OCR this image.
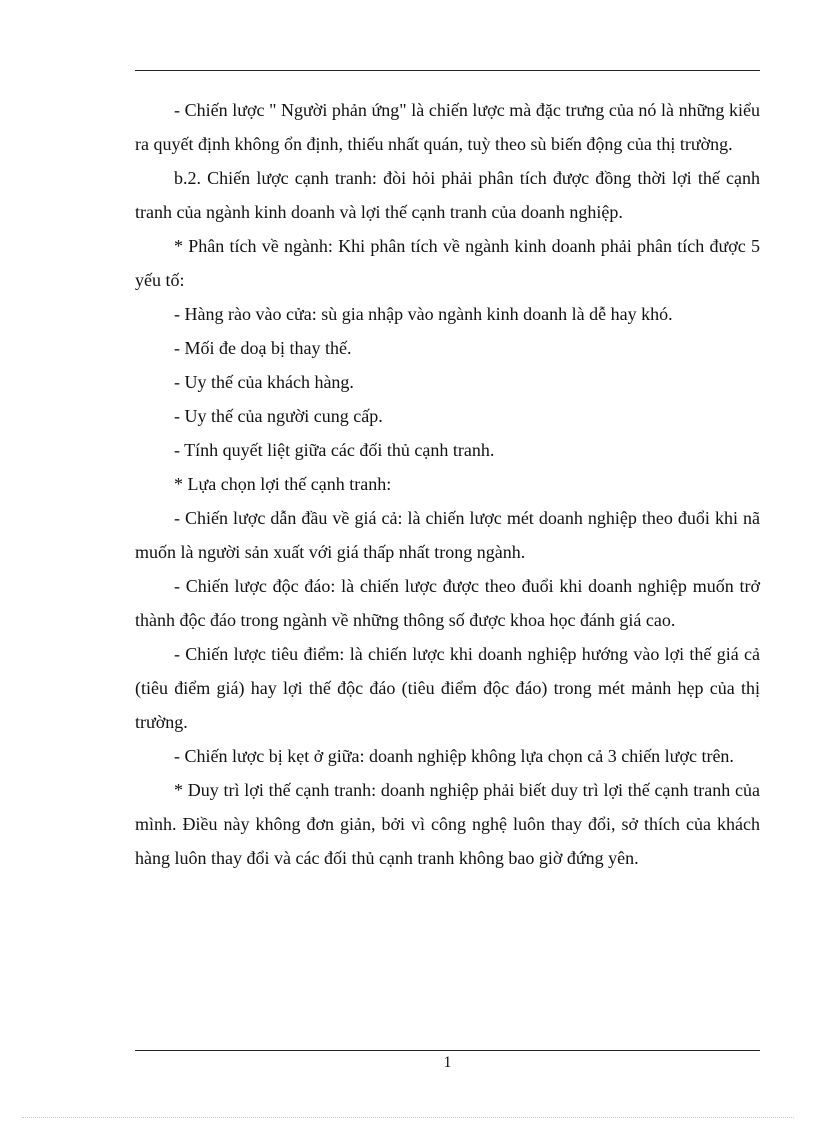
- Chiến lược " Người phản ứng" là chiến lược mà đặc trưng của nó là những kiểu ra quyết định không ổn định, thiếu nhất quán, tuỳ theo sù biến động của thị trường.

b.2. Chiến lược cạnh tranh: đòi hỏi phải phân tích được đồng thời lợi thế cạnh tranh của ngành kinh doanh và lợi thế cạnh tranh của doanh nghiệp.

* Phân tích về ngành: Khi phân tích về ngành kinh doanh phải phân tích được 5 yếu tố:

- Hàng rào vào cửa: sù gia nhập vào ngành kinh doanh là dễ hay khó.

- Mối đe doạ bị thay thế.

- Uy thế của khách hàng.

- Uy thế của người cung cấp.

- Tính quyết liệt giữa các đối thủ cạnh tranh.

* Lựa chọn lợi thế cạnh tranh:

- Chiến lược dẫn đầu về giá cả: là chiến lược mét doanh nghiệp theo đuổi khi nã muốn là người sản xuất với giá thấp nhất trong ngành.

- Chiến lược độc đáo: là chiến lược được theo đuổi khi doanh nghiệp muốn trở thành độc đáo trong ngành về những thông số được khoa học đánh giá cao.

- Chiến lược tiêu điểm: là chiến lược khi doanh nghiệp hướng vào lợi thế giá cả (tiêu điểm giá) hay lợi thế độc đáo (tiêu điểm độc đáo) trong mét mảnh hẹp của thị trường.

- Chiến lược bị kẹt ở giữa: doanh nghiệp không lựa chọn cả 3 chiến lược trên.

* Duy trì lợi thế cạnh tranh: doanh nghiệp phải biết duy trì lợi thế cạnh tranh của mình. Điều này không đơn giản, bởi vì công nghệ luôn thay đổi, sở thích của khách hàng luôn thay đổi và các đối thủ cạnh tranh không bao giờ đứng yên.

1
